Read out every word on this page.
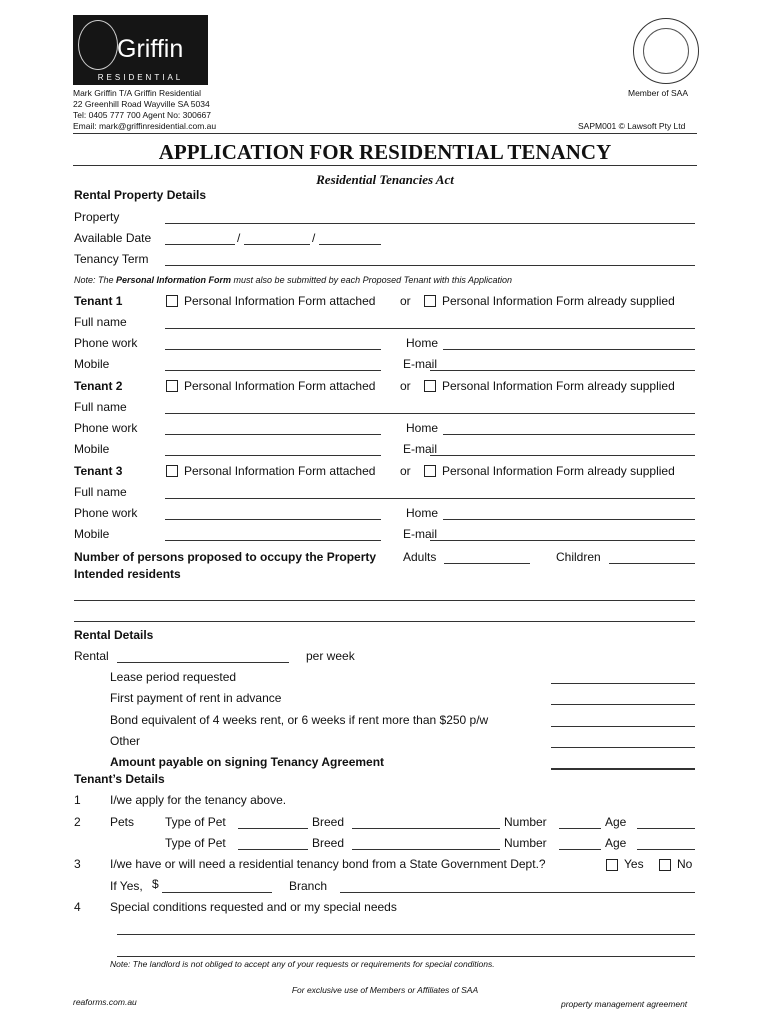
Griffin
RESIDENTIAL
Mark Griffin T/A Griffin Residential
22 Greenhill Road Wayville SA 5034
Tel: 0405 777 700 Agent No: 300667
Email: mark@griffinresidential.com.au
Member of SAA
SAPM001 © Lawsoft Pty Ltd
APPLICATION FOR RESIDENTIAL TENANCY
Residential Tenancies Act
Rental Property Details
Property
Available Date	/	/
Tenancy Term
Note: The Personal Information Form must also be submitted by each Proposed Tenant with this Application
Tenant 1	Personal Information Form attached or	Personal Information Form already supplied
Full name
Phone work	Home
Mobile	E-mail
Tenant 2	Personal Information Form attached or	Personal Information Form already supplied
Full name
Phone work	Home
Mobile	E-mail
Tenant 3	Personal Information Form attached or	Personal Information Form already supplied
Full name
Phone work	Home
Mobile	E-mail
Number of persons proposed to occupy the Property Adults	Children
Intended residents
Rental Details
Rental	per week
Lease period requested
First payment of rent in advance
Bond equivalent of 4 weeks rent, or 6 weeks if rent more than $250 p/w
Other
Amount payable on signing Tenancy Agreement
Tenant’s Details
1 I/we apply for the tenancy above.
2 Pets	Type of Pet	Breed	Number	Age
Type of Pet	Breed	Number	Age
3 I/we have or will need a residential tenancy bond from a State Government Dept.?	Yes	No
If Yes, $	Branch
4 Special conditions requested and or my special needs
Note: The landlord is not obliged to accept any of your requests or requirements for special conditions.
For exclusive use of Members or Affiliates of SAA
reaforms.com.au	property management agreement
